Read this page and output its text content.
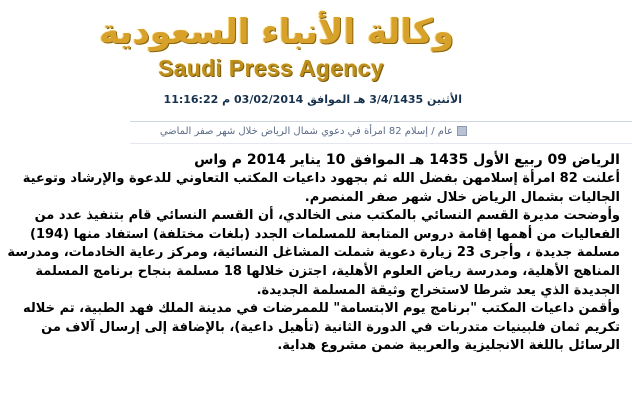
وكالة الأنباء السعودية
Saudi Press Agency
الأثنين 3/4/1435 هـ الموافق 03/02/2014 م 11:16:22
عام / إسلام 82 امرأة في دعوي شمال الرياض خلال شهر صفر الماضي

الرياض 09 ربيع الأول 1435 هـ الموافق 10 يناير 2014 م واس

أعلنت 82 امرأة إسلامهن بفضل الله ثم بجهود داعيات المكتب التعاوني للدعوة والإرشاد وتوعية الجاليات بشمال الرياض خلال شهر صفر المنصرم.

وأوضحت مديرة القسم النسائي بالمكتب منى الخالدي، أن القسم النسائي قام بتنفيذ عدد من الفعاليات من أهمها إقامة دروس المتابعة للمسلمات الجدد (بلغات مختلفة) استفاد منها (194) مسلمة جديدة ، وأجرى 23 زيارة دعوية شملت المشاغل النسائية، ومركز رعاية الخادمات، ومدرسة المناهج الأهلية، ومدرسة رياض العلوم الأهلية، اجتزن خلالها 18 مسلمة بنجاح برنامج المسلمة الجديدة الذي يعد شرطا لاستخراج وثيقة المسلمة الجديدة.

وأقمن داعيات المكتب "برنامج يوم الابتسامة" للممرضات في مدينة الملك فهد الطبية، تم خلاله تكريم ثمان فلبينيات متدربات في الدورة الثانية (تأهيل داعية)، بالإضافة إلى إرسال آلاف من الرسائل باللغة الانجليزية والعربية ضمن مشروع هداية.
